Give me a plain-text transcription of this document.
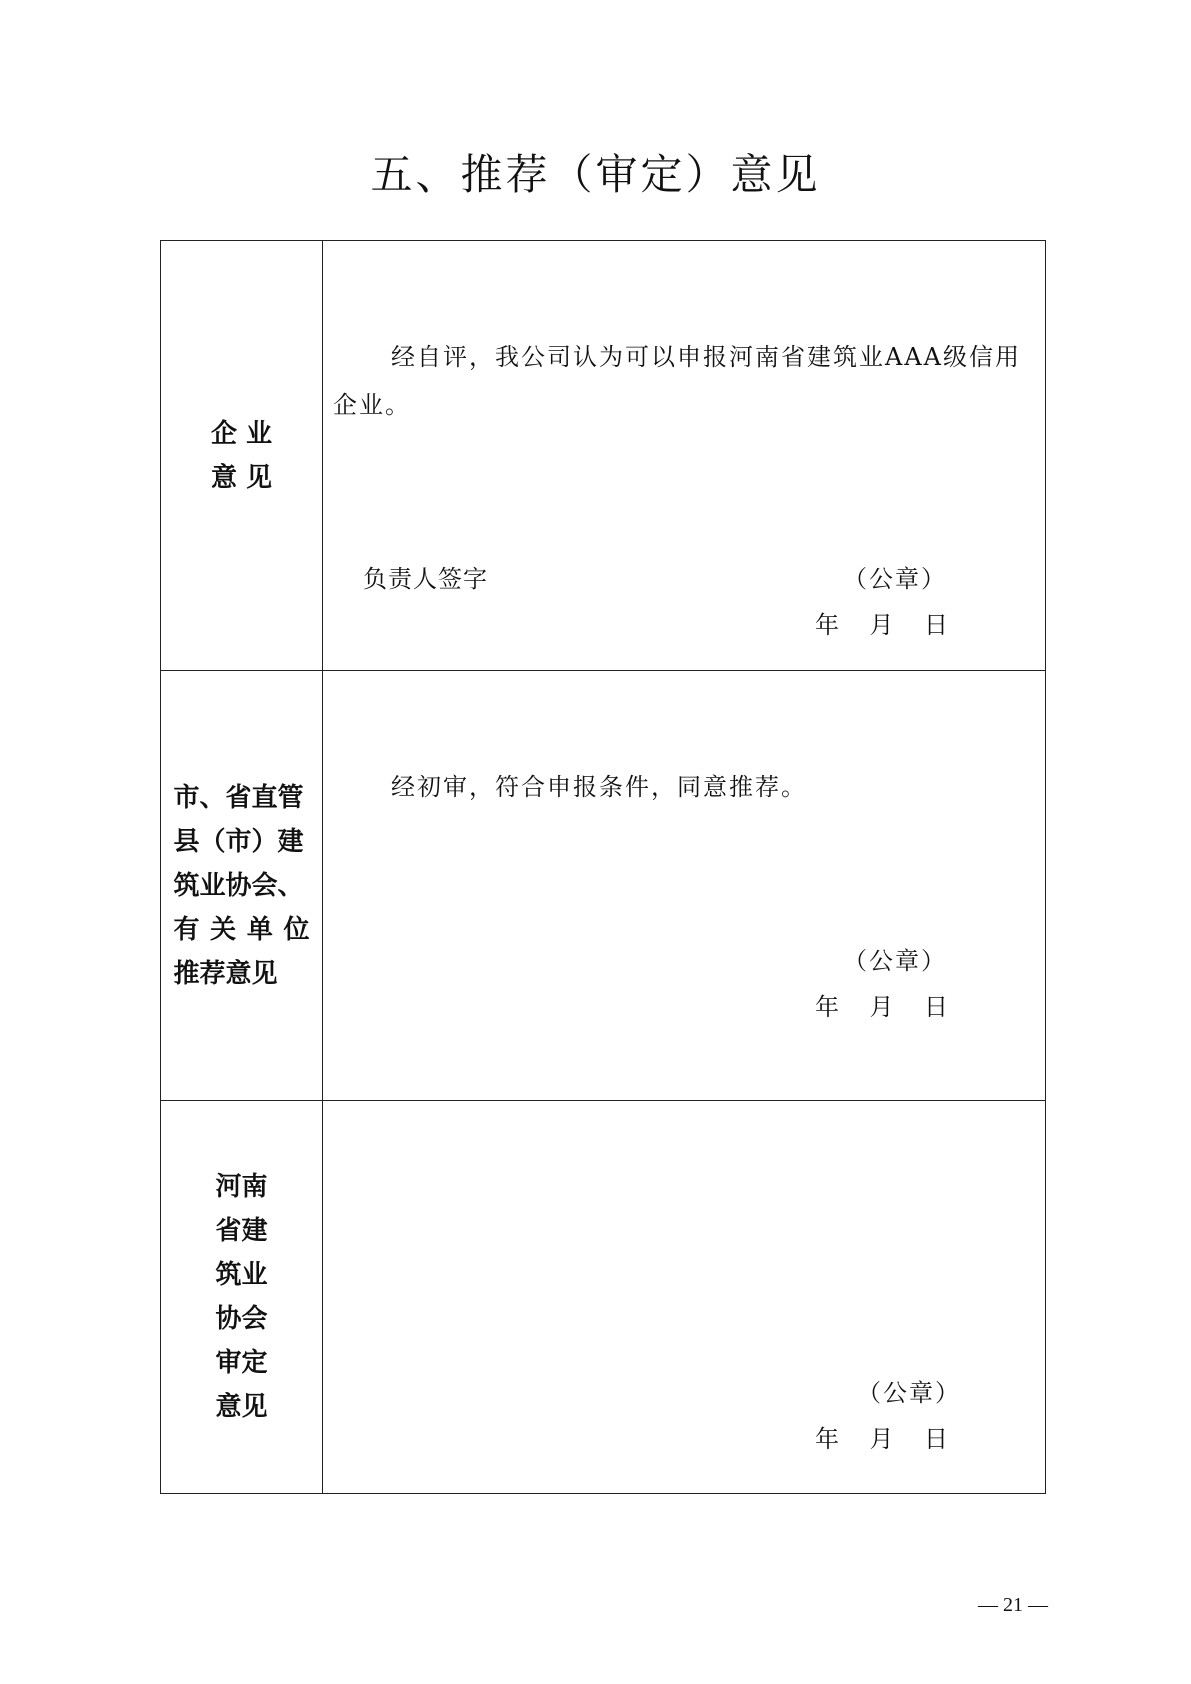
五、推荐（审定）意见
企 业
意 见
经自评，我公司认为可以申报河南省建筑业AAA级信用企业。
负责人签字	（公章）
年    月    日
市、省直管
县（市）建
筑业协会、
有关单位
推荐意见
经初审，符合申报条件，同意推荐。
（公章）
年    月    日
河南
省建
筑业
协会
审定
意见	（公章）
年    月    日
— 21 —
